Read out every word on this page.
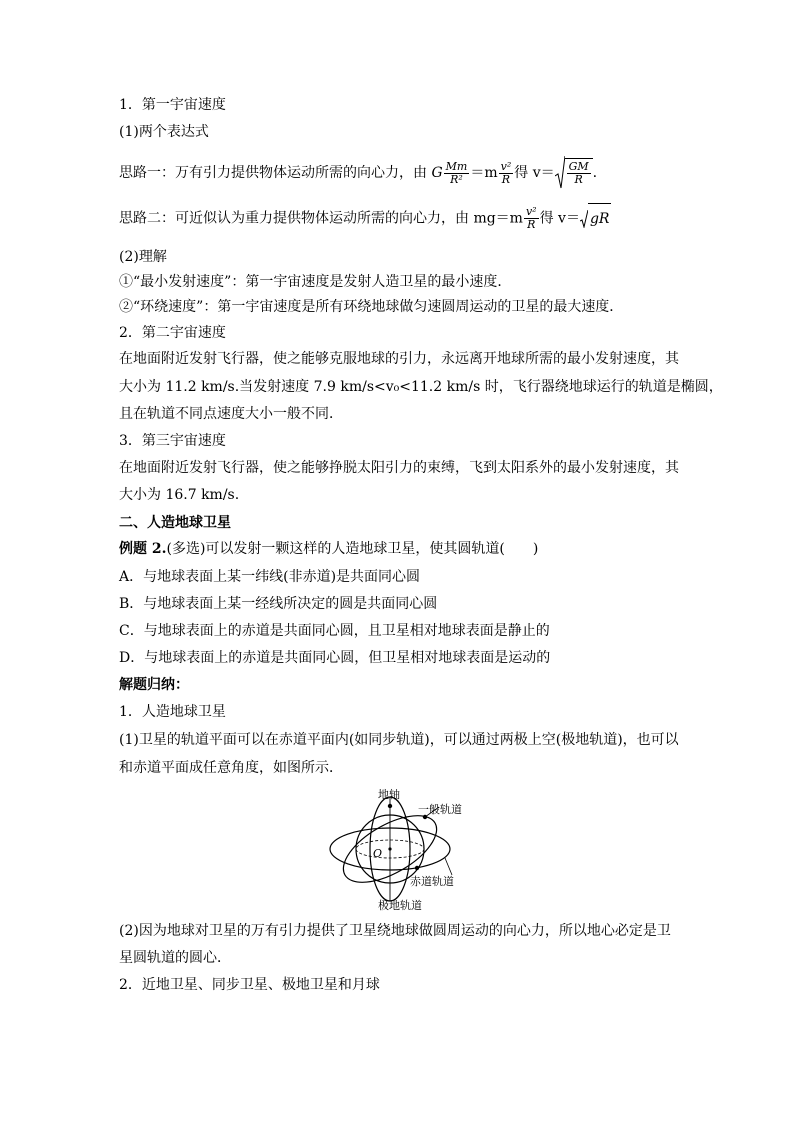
1．第一宇宙速度
(1)两个表达式
思路一：万有引力提供物体运动所需的向心力，由 G $\frac{Mm}{\text{R²}} =m \frac{\text{v²}}{R}$ 得 $v= \frac{GM}{R}$ .
思路二：可近似认为重力提供物体运动所需的向心力，由 $mg=m \frac{\text{v²}}{R}$ 得 v＝ gR
(2)理解
①“最小发射速度”：第一宇宙速度是发射人造卫星的最小速度．
②“环绕速度”：第一宇宙速度是所有环绕地球做匀速圆周运动的卫星的最大速度．
2．第二宇宙速度
在地面附近发射飞行器，使之能够克服地球的引力，永远离开地球所需的最小发射速度，其
大小为 11.2 km/s.当发射速度 7.9 km/s<v₀<11.2 km/s 时，飞行器绕地球运行的轨道是椭圆，
且在轨道不同点速度大小一般不同．
3．第三宇宙速度
在地面附近发射飞行器，使之能够挣脱太阳引力的束缚，飞到太阳系外的最小发射速度，其
大小为 16.7 km/s.
二、人造地球卫星
例题 2.(多选)可以发射一颗这样的人造地球卫星，使其圆轨道(　　)
A．与地球表面上某一纬线(非赤道)是共面同心圆
B．与地球表面上某一经线所决定的圆是共面同心圆
C．与地球表面上的赤道是共面同心圆，且卫星相对地球表面是静止的
D．与地球表面上的赤道是共面同心圆，但卫星相对地球表面是运动的
解题归纳：
1．人造地球卫星
(1)卫星的轨道平面可以在赤道平面内(如同步轨道)，可以通过两极上空(极地轨道)，也可以
和赤道平面成任意角度，如图所示．
地轴
一般轨道
O
赤道轨道
极地轨道
(2)因为地球对卫星的万有引力提供了卫星绕地球做圆周运动的向心力，所以地心必定是卫
星圆轨道的圆心．
2．近地卫星、同步卫星、极地卫星和月球
